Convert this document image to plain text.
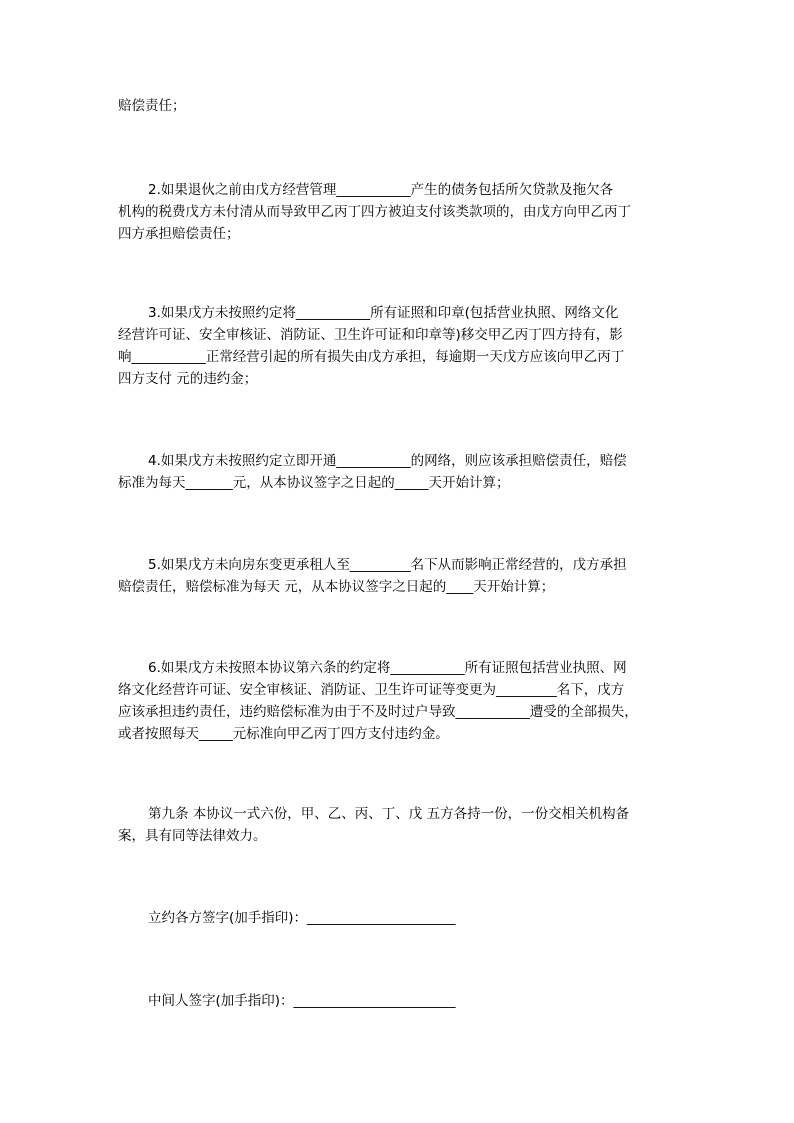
赔偿责任；

2.如果退伙之前由戊方经营管理___________产生的债务包括所欠贷款及拖欠各
机构的税费戊方未付清从而导致甲乙丙丁四方被迫支付该类款项的，由戊方向甲乙丙丁
四方承担赔偿责任；

3.如果戊方未按照约定将___________所有证照和印章(包括营业执照、网络文化
经营许可证、安全审核证、消防证、卫生许可证和印章等)移交甲乙丙丁四方持有，影
响___________正常经营引起的所有损失由戊方承担，每逾期一天戊方应该向甲乙丙丁
四方支付 元的违约金；

4.如果戊方未按照约定立即开通___________的网络，则应该承担赔偿责任，赔偿
标准为每天_______元，从本协议签字之日起的_____天开始计算；

5.如果戊方未向房东变更承租人至_________名下从而影响正常经营的，戊方承担
赔偿责任，赔偿标准为每天 元，从本协议签字之日起的____天开始计算；

6.如果戊方未按照本协议第六条的约定将___________所有证照包括营业执照、网
络文化经营许可证、安全审核证、消防证、卫生许可证等变更为_________名下，戊方
应该承担违约责任，违约赔偿标准为由于不及时过户导致___________遭受的全部损失，
或者按照每天_____元标准向甲乙丙丁四方支付违约金。

第九条 本协议一式六份，甲、乙、丙、丁、戊 五方各持一份，一份交相关机构备
案，具有同等法律效力。

立约各方签字(加手指印)：______________________

中间人签字(加手指印)：________________________
